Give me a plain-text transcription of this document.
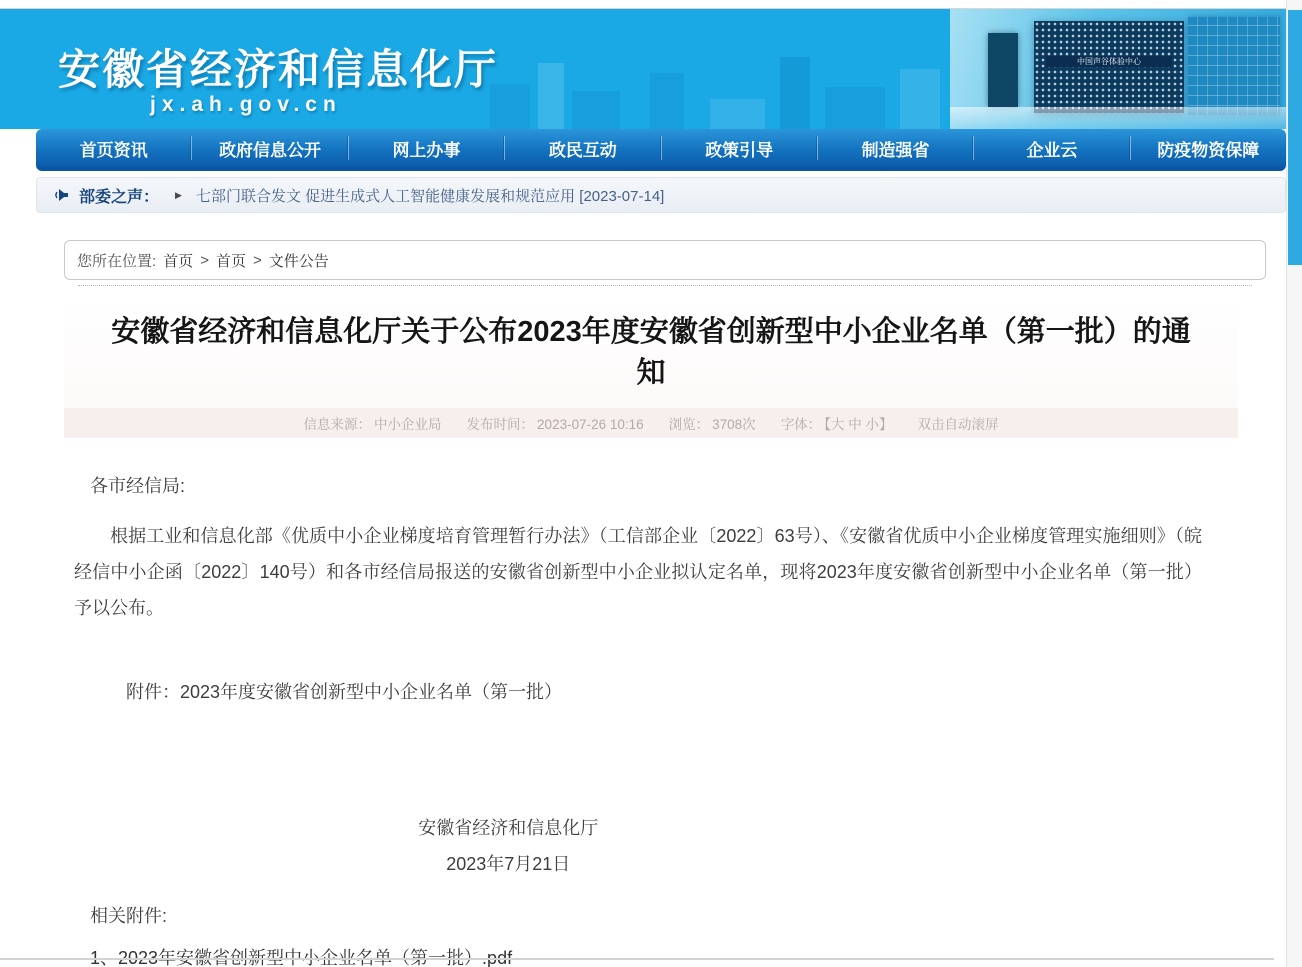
安徽省经济和信息化厅
jx.ah.gov.cn
中国声谷体验中心
首页资讯	政府信息公开	网上办事	政民互动	政策引导	制造强省	企业云	防疫物资保障
部委之声： ▶ 七部门联合发文 促进生成式人工智能健康发展和规范应用 [2023-07-14]
您所在位置: 首页 > 首页 > 文件公告
安徽省经济和信息化厅关于公布2023年度安徽省创新型中小企业名单（第一批）的通知
信息来源： 中小企业局 发布时间： 2023-07-26 10:16 浏览： 3708次 字体： 【大 中 小】 双击自动滚屏

各市经信局:

根据工业和信息化部《优质中小企业梯度培育管理暂行办法》（工信部企业〔2022〕63号）、《安徽省优质中小企业梯度管理实施细则》（皖经信中小企函〔2022〕140号）和各市经信局报送的安徽省创新型中小企业拟认定名单，现将2023年度安徽省创新型中小企业名单（第一批）予以公布。

附件：2023年度安徽省创新型中小企业名单（第一批）

安徽省经济和信息化厅

2023年7月21日

相关附件:

1、2023年安徽省创新型中小企业名单（第一批）.pdf
